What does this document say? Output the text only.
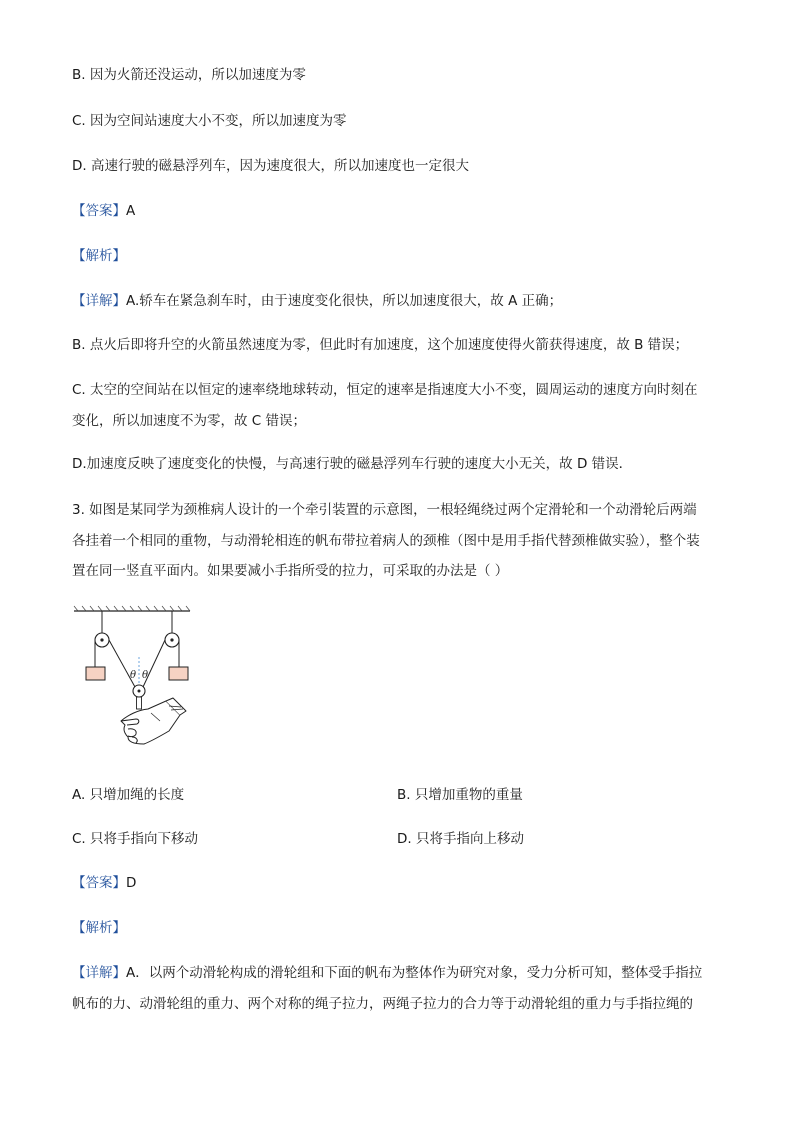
B. 因为火箭还没运动，所以加速度为零
C. 因为空间站速度大小不变，所以加速度为零
D. 高速行驶的磁悬浮列车，因为速度很大，所以加速度也一定很大
【答案】A
【解析】
【详解】A.轿车在紧急刹车时，由于速度变化很快，所以加速度很大，故 A 正确；
B. 点火后即将升空的火箭虽然速度为零，但此时有加速度，这个加速度使得火箭获得速度，故 B 错误；
C. 太空的空间站在以恒定的速率绕地球转动，恒定的速率是指速度大小不变，圆周运动的速度方向时刻在
变化，所以加速度不为零，故 C 错误；
D.加速度反映了速度变化的快慢，与高速行驶的磁悬浮列车行驶的速度大小无关，故 D 错误．
3. 如图是某同学为颈椎病人设计的一个牵引装置的示意图，一根轻绳绕过两个定滑轮和一个动滑轮后两端
各挂着一个相同的重物，与动滑轮相连的帆布带拉着病人的颈椎（图中是用手指代替颈椎做实验），整个装
置在同一竖直平面内。如果要减小手指所受的拉力，可采取的办法是（ ）
θ θ
A. 只增加绳的长度	B. 只增加重物的重量
C. 只将手指向下移动	D. 只将手指向上移动
【答案】D
【解析】
【详解】A．以两个动滑轮构成的滑轮组和下面的帆布为整体作为研究对象，受力分析可知，整体受手指拉
帆布的力、动滑轮组的重力、两个对称的绳子拉力，两绳子拉力的合力等于动滑轮组的重力与手指拉绳的
